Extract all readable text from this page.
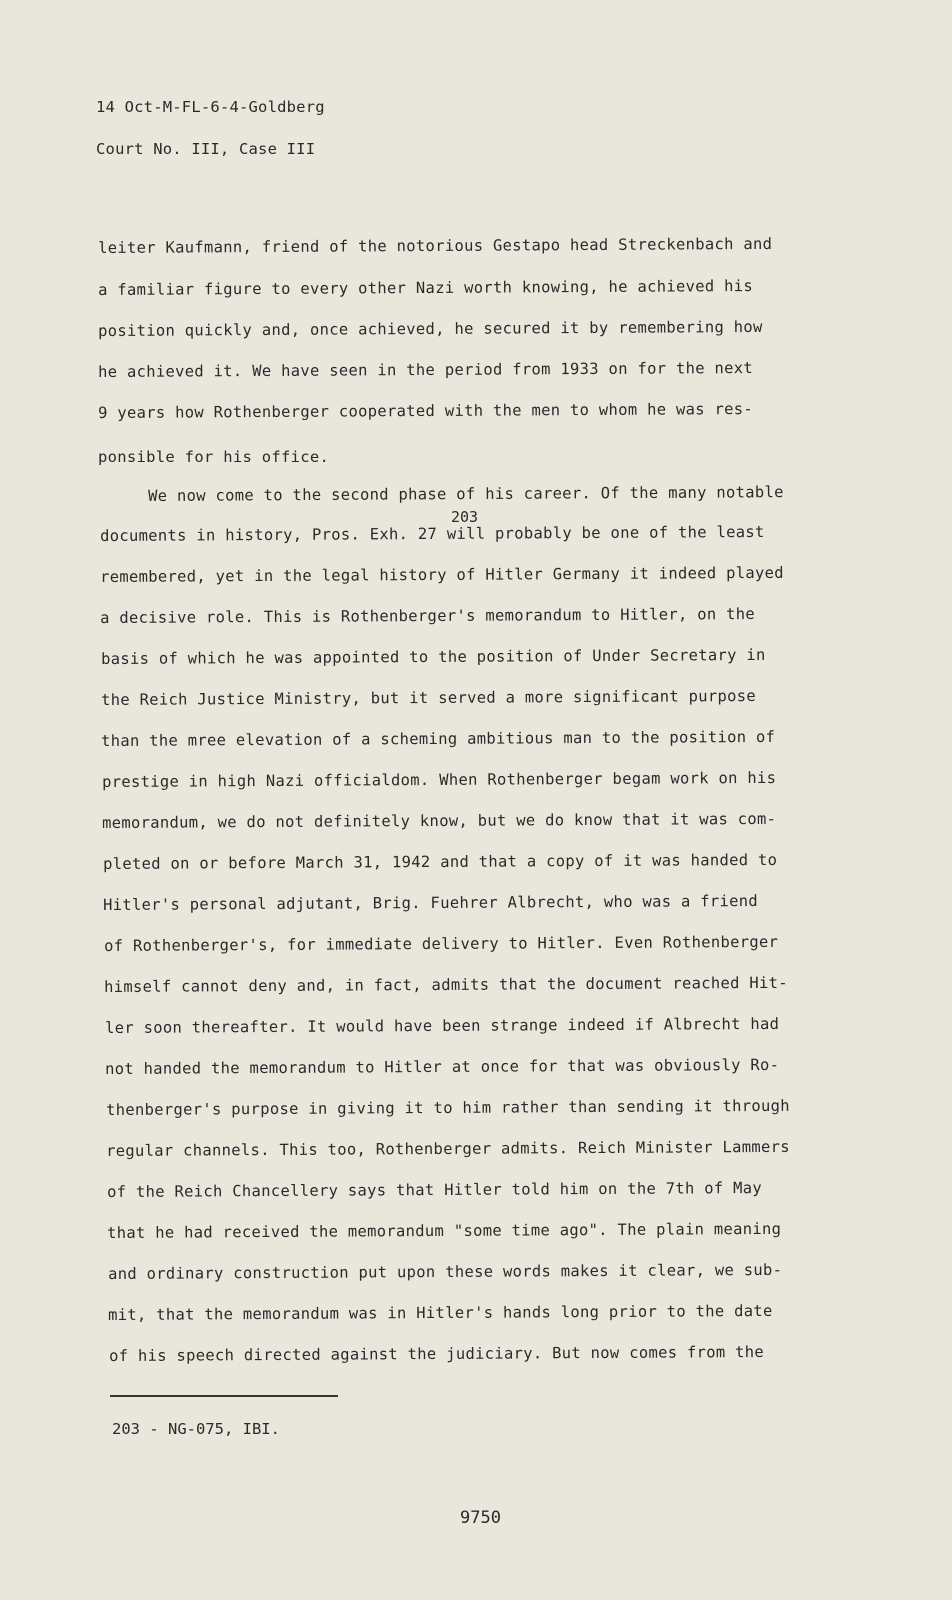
14 Oct-M-FL-6-4-Goldberg
Court No. III, Case III
leiter Kaufmann, friend of the notorious Gestapo head Streckenbach and
a familiar figure to every other Nazi worth knowing, he achieved his
position quickly and, once achieved, he secured it by remembering how
he achieved it. We have seen in the period from 1933 on for the next
9 years how Rothenberger cooperated with the men to whom he was res-
ponsible for his office.
We now come to the second phase of his career. Of the many notable
203
documents in history, Pros. Exh. 27 will probably be one of the least
remembered, yet in the legal history of Hitler Germany it indeed played
a decisive role. This is Rothenberger's memorandum to Hitler, on the
basis of which he was appointed to the position of Under Secretary in
the Reich Justice Ministry, but it served a more significant purpose
than the mree elevation of a scheming ambitious man to the position of
prestige in high Nazi officialdom. When Rothenberger begam work on his
memorandum, we do not definitely know, but we do know that it was com-
pleted on or before March 31, 1942 and that a copy of it was handed to
Hitler's personal adjutant, Brig. Fuehrer Albrecht, who was a friend
of Rothenberger's, for immediate delivery to Hitler. Even Rothenberger
himself cannot deny and, in fact, admits that the document reached Hit-
ler soon thereafter. It would have been strange indeed if Albrecht had
not handed the memorandum to Hitler at once for that was obviously Ro-
thenberger's purpose in giving it to him rather than sending it through
regular channels. This too, Rothenberger admits. Reich Minister Lammers
of the Reich Chancellery says that Hitler told him on the 7th of May
that he had received the memorandum "some time ago". The plain meaning
and ordinary construction put upon these words makes it clear, we sub-
mit, that the memorandum was in Hitler's hands long prior to the date
of his speech directed against the judiciary. But now comes from the
203 - NG-075, IBI.
9750
